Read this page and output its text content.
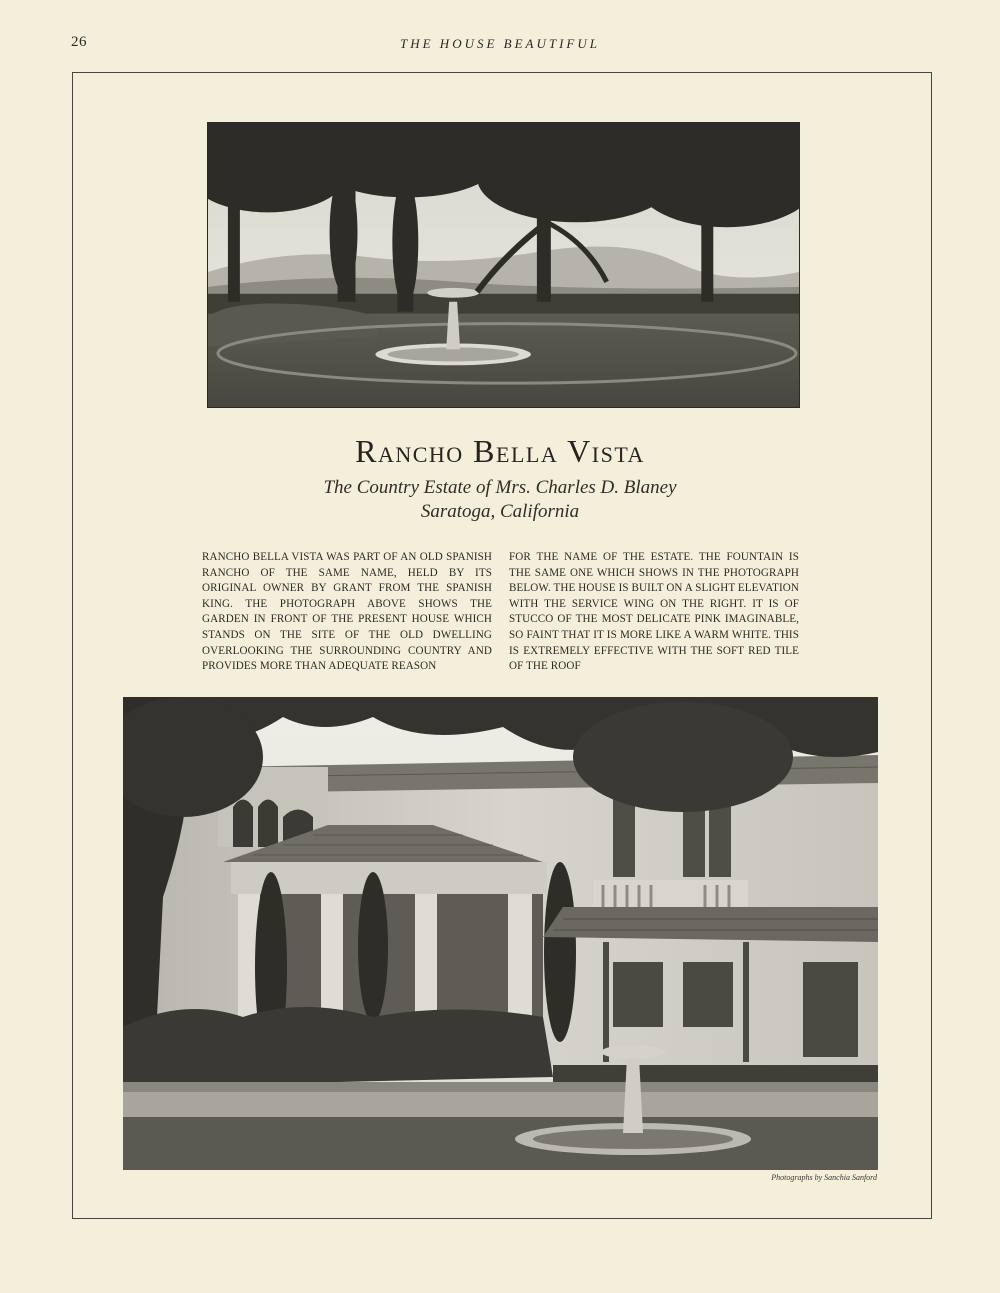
26	THE HOUSE BEAUTIFUL
Rancho Bella Vista
The Country Estate of Mrs. Charles D. Blaney
Saratoga, California
RANCHO BELLA VISTA WAS PART OF AN OLD SPANISH RANCHO OF THE SAME NAME, HELD BY ITS ORIGINAL OWNER BY GRANT FROM THE SPANISH KING. THE PHOTOGRAPH ABOVE SHOWS THE GARDEN IN FRONT OF THE PRESENT HOUSE WHICH STANDS ON THE SITE OF THE OLD DWELLING OVERLOOKING THE SURROUNDING COUNTRY AND PROVIDES MORE THAN ADEQUATE REASON
FOR THE NAME OF THE ESTATE. THE FOUNTAIN IS THE SAME ONE WHICH SHOWS IN THE PHOTOGRAPH BELOW. THE HOUSE IS BUILT ON A SLIGHT ELEVATION WITH THE SERVICE WING ON THE RIGHT. IT IS OF STUCCO OF THE MOST DELICATE PINK IMAGINABLE, SO FAINT THAT IT IS MORE LIKE A WARM WHITE. THIS IS EXTREMELY EFFECTIVE WITH THE SOFT RED TILE OF THE ROOF
Photographs by Sanchia Sanford
